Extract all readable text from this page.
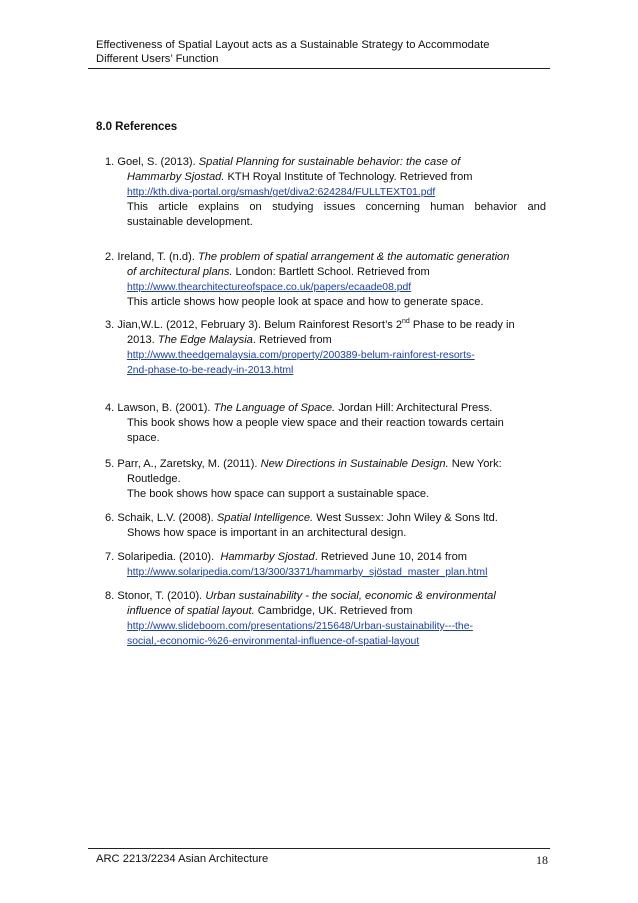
Effectiveness of Spatial Layout acts as a Sustainable Strategy to Accommodate
Different Users’ Function
8.0 References
1. Goel, S. (2013). Spatial Planning for sustainable behavior: the case of
Hammarby Sjostad. KTH Royal Institute of Technology. Retrieved from
http://kth.diva-portal.org/smash/get/diva2:624284/FULLTEXT01.pdf
This article explains on studying issues concerning human behavior and
sustainable development.
2. Ireland, T. (n.d). The problem of spatial arrangement & the automatic generation
of architectural plans. London: Bartlett School. Retrieved from
http://www.thearchitectureofspace.co.uk/papers/ecaade08.pdf
This article shows how people look at space and how to generate space.
3. Jian,W.L. (2012, February 3). Belum Rainforest Resort’s 2nd Phase to be ready in
2013. The Edge Malaysia. Retrieved from
http://www.theedgemalaysia.com/property/200389-belum-rainforest-resorts-
2nd-phase-to-be-ready-in-2013.html
4. Lawson, B. (2001). The Language of Space. Jordan Hill: Architectural Press.
This book shows how a people view space and their reaction towards certain
space.
5. Parr, A., Zaretsky, M. (2011). New Directions in Sustainable Design. New York:
Routledge.
The book shows how space can support a sustainable space.
6. Schaik, L.V. (2008). Spatial Intelligence. West Sussex: John Wiley & Sons ltd.
Shows how space is important in an architectural design.
7. Solaripedia. (2010). Hammarby Sjostad. Retrieved June 10, 2014 from
http://www.solaripedia.com/13/300/3371/hammarby_sjöstad_master_plan.html
8. Stonor, T. (2010). Urban sustainability - the social, economic & environmental
influence of spatial layout. Cambridge, UK. Retrieved from
http://www.slideboom.com/presentations/215648/Urban-sustainability---the-
social,-economic-%26-environmental-influence-of-spatial-layout
ARC 2213/2234 Asian Architecture	18
